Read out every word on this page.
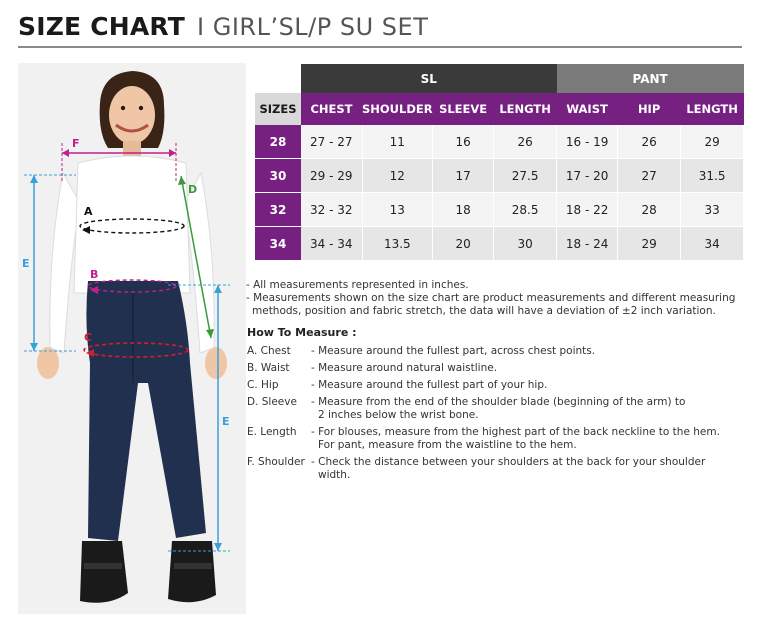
SIZE CHART I GIRL’SL/P SU SET
F
A
B
C
D
E
E
	SL				PANT		
SIZES	CHEST	SHOULDER	SLEEVE	LENGTH	WAIST	HIP	LENGTH
28	27 - 27	11	16	26	16 - 19	26	29
30	29 - 29	12	17	27.5	17 - 20	27	31.5
32	32 - 32	13	18	28.5	18 - 22	28	33
34	34 - 34	13.5	20	30	18 - 24	29	34

- All measurements represented in inches.

- Measurements shown on the size chart are product measurements and different measuring

methods, position and fabric stretch, the data will have a deviation of ±2 inch variation.

How To Measure :
A. Chest - Measure around the fullest part, across chest points.
B. Waist - Measure around natural waistline.
C. Hip	- Measure around the fullest part of your hip.
D. Sleeve - Measure from the end of the shoulder blade (beginning of the arm) to
2 inches below the wrist bone.
E. Length - For blouses, measure from the highest part of the back neckline to the hem.
For pant, measure from the waistline to the hem.
F. Shoulder - Check the distance between your shoulders at the back for your shoulder
width.
